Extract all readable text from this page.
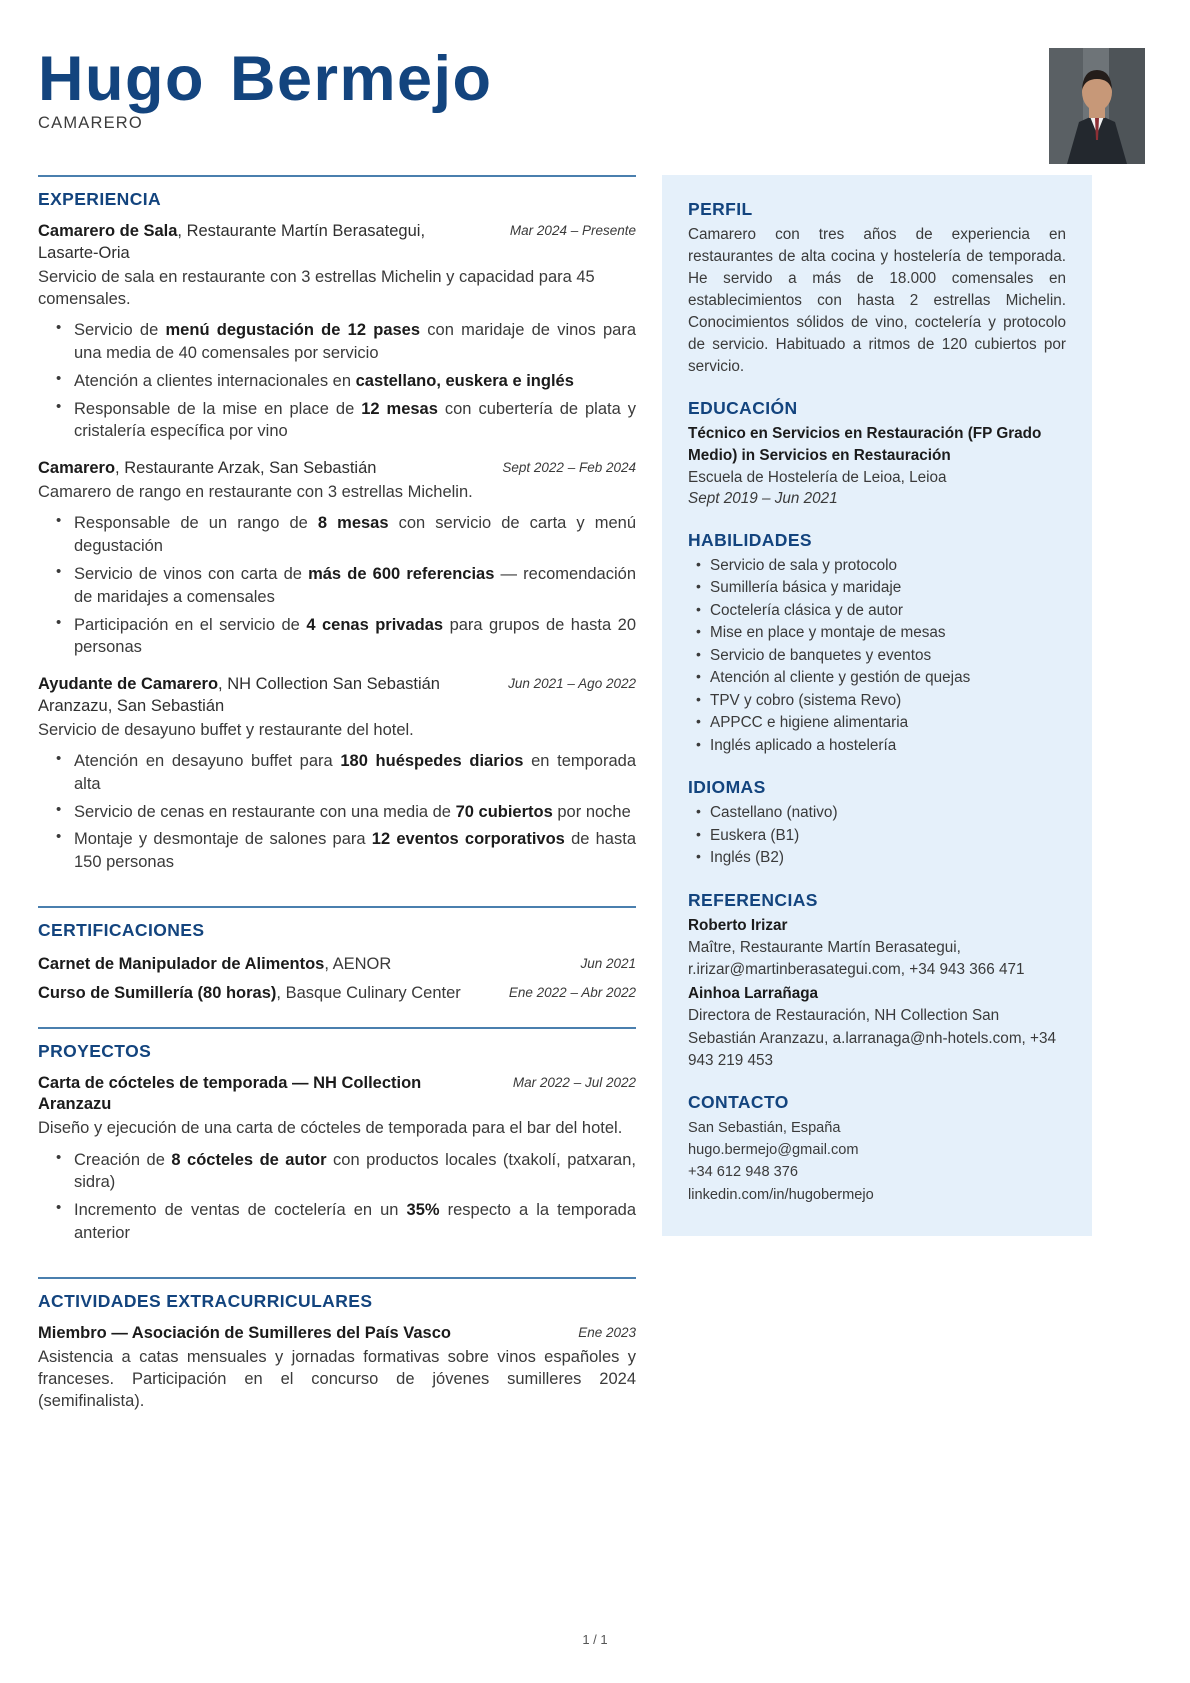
Hugo Bermejo
CAMARERO
EXPERIENCIA
Mar 2024 – Presente
Camarero de Sala, Restaurante Martín Berasategui, Lasarte-Oria
Servicio de sala en restaurante con 3 estrellas Michelin y capacidad para 45 comensales.
• Servicio de menú degustación de 12 pases con maridaje de vinos para una media de 40 comensales por servicio
• Atención a clientes internacionales en castellano, euskera e inglés
• Responsable de la mise en place de 12 mesas con cubertería de plata y cristalería específica por vino
Sept 2022 – Feb 2024
Camarero, Restaurante Arzak, San Sebastián
Camarero de rango en restaurante con 3 estrellas Michelin.
• Responsable de un rango de 8 mesas con servicio de carta y menú degustación
• Servicio de vinos con carta de más de 600 referencias — recomendación de maridajes a comensales
• Participación en el servicio de 4 cenas privadas para grupos de hasta 20 personas
Jun 2021 – Ago 2022
Ayudante de Camarero, NH Collection San Sebastián Aranzazu, San Sebastián
Servicio de desayuno buffet y restaurante del hotel.
• Atención en desayuno buffet para 180 huéspedes diarios en temporada alta
• Servicio de cenas en restaurante con una media de 70 cubiertos por noche
• Montaje y desmontaje de salones para 12 eventos corporativos de hasta 150 personas
CERTIFICACIONES
Jun 2021
Carnet de Manipulador de Alimentos, AENOR
Ene 2022 – Abr 2022
Curso de Sumillería (80 horas), Basque Culinary Center
PROYECTOS
Mar 2022 – Jul 2022
Carta de cócteles de temporada — NH Collection Aranzazu
Diseño y ejecución de una carta de cócteles de temporada para el bar del hotel.
• Creación de 8 cócteles de autor con productos locales (txakolí, patxaran, sidra)
• Incremento de ventas de coctelería en un 35% respecto a la temporada anterior
ACTIVIDADES EXTRACURRICULARES
Ene 2023
Miembro — Asociación de Sumilleres del País Vasco
Asistencia a catas mensuales y jornadas formativas sobre vinos españoles y franceses. Participación en el concurso de jóvenes sumilleres 2024 (semifinalista).
PERFIL
Camarero con tres años de experiencia en restaurantes de alta cocina y hostelería de temporada. He servido a más de 18.000 comensales en establecimientos con hasta 2 estrellas Michelin. Conocimientos sólidos de vino, coctelería y protocolo de servicio. Habituado a ritmos de 120 cubiertos por servicio.
EDUCACIÓN
Técnico en Servicios en Restauración (FP Grado Medio) in Servicios en Restauración
Escuela de Hostelería de Leioa, Leioa
Sept 2019 – Jun 2021
HABILIDADES
• Servicio de sala y protocolo
• Sumillería básica y maridaje
• Coctelería clásica y de autor
• Mise en place y montaje de mesas
• Servicio de banquetes y eventos
• Atención al cliente y gestión de quejas
• TPV y cobro (sistema Revo)
• APPCC e higiene alimentaria
• Inglés aplicado a hostelería
IDIOMAS
• Castellano (nativo)
• Euskera (B1)
• Inglés (B2)
REFERENCIAS
Roberto Irizar
Maître, Restaurante Martín Berasategui, r.irizar@martinberasategui.com, +34 943 366 471
Ainhoa Larrañaga
Directora de Restauración, NH Collection San Sebastián Aranzazu, a.larranaga@nh-hotels.com, +34 943 219 453
CONTACTO
San Sebastián, España
hugo.bermejo@gmail.com
+34 612 948 376
linkedin.com/in/hugobermejo
1 / 1
